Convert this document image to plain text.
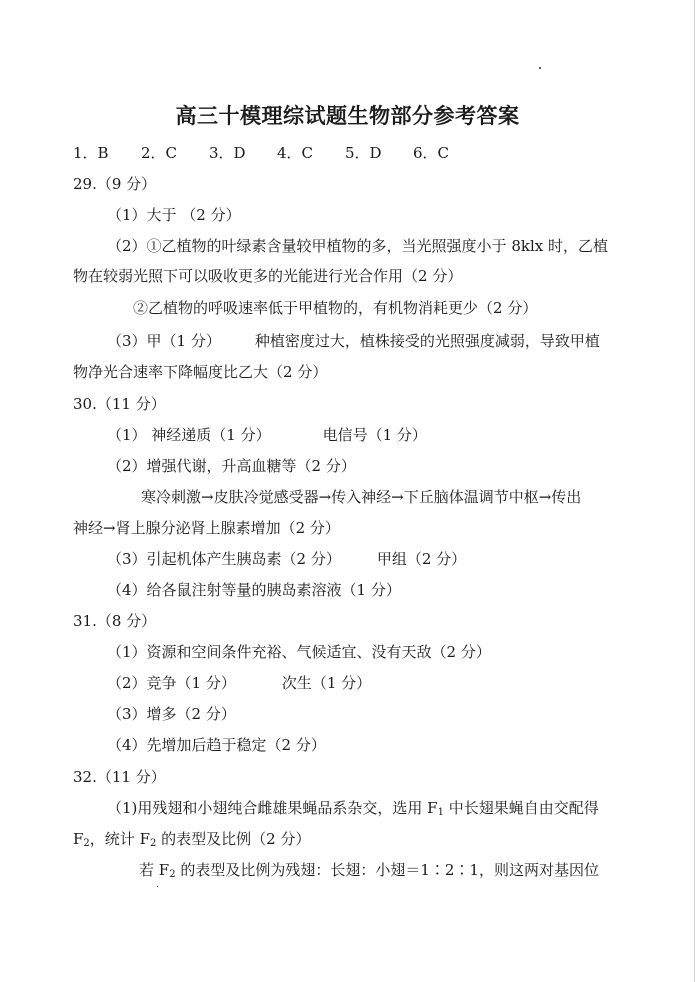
高三十模理综试题生物部分参考答案
1．B 2．C 3．D 4．C 5．D 6．C
29.（9 分）
（1）大于 （2 分）
（2）①乙植物的叶绿素含量较甲植物的多，当光照强度小于 8klx 时，乙植
物在较弱光照下可以吸收更多的光能进行光合作用（2 分）
②乙植物的呼吸速率低于甲植物的，有机物消耗更少（2 分）
（3）甲（1 分） 种植密度过大，植株接受的光照强度减弱，导致甲植
物净光合速率下降幅度比乙大（2 分）
30.（11 分）
（1） 神经递质（1 分）	电信号（1 分）
（2）增强代谢，升高血糖等（2 分）
寒冷刺激→皮肤冷觉感受器→传入神经→下丘脑体温调节中枢→传出
神经→肾上腺分泌肾上腺素增加（2 分）
（3）引起机体产生胰岛素（2 分） 甲组（2 分）
（4）给各鼠注射等量的胰岛素溶液（1 分）
31.（8 分）
（1）资源和空间条件充裕、气候适宜、没有天敌（2 分）
（2）竞争（1 分）	次生（1 分）
（3）增多（2 分）
（4）先增加后趋于稳定（2 分）
32.（11 分）
（1)用残翅和小翅纯合雌雄果蝇品系杂交，选用 $F_1$ 中长翅果蝇自由交配得
$F_2$，统计 $F_2$ 的表型及比例（2 分）
若 $F_2$ 的表型及比例为残翅：长翅：小翅＝1∶2∶1，则这两对基因位
